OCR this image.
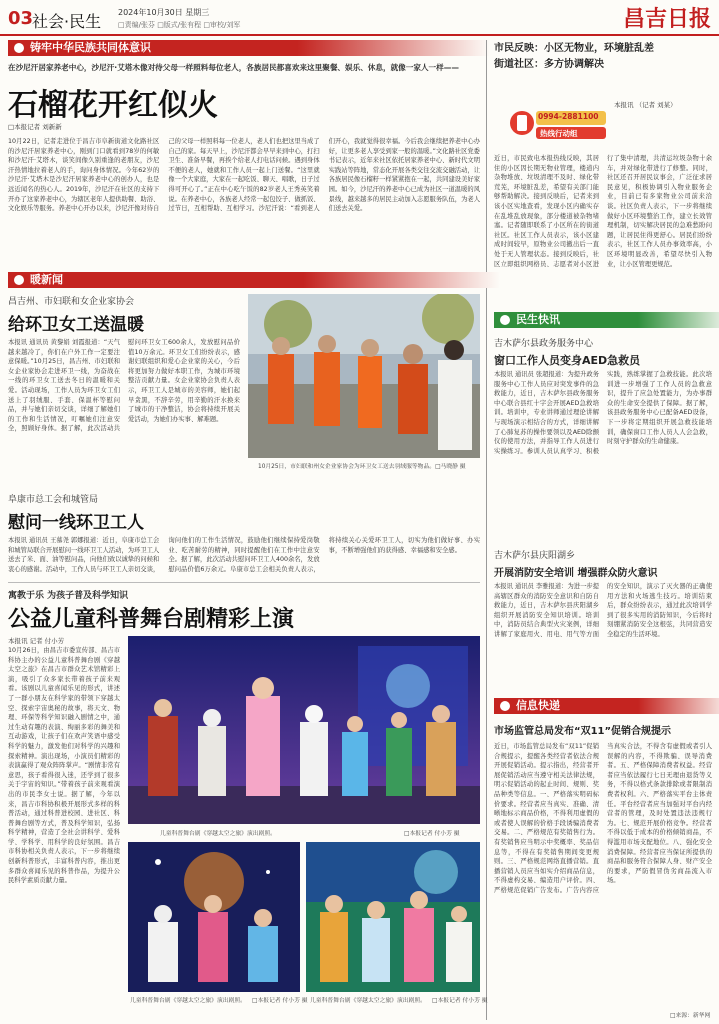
03
社会·民生 2024年10月30日 星期三
□责编/张芬 □版式/张有程 □审校/刘军	昌吉日报
铸牢中华民族共同体意识
在沙尼汗居家养老中心，沙尼汗·艾塔木像对待父母一样照料每位老人，各族居民都喜欢来这里聚餐、娱乐、休息，就像一家人一样——
石榴花开红似火
□本报记者 刘新新
10月22日，记者走进位于昌吉市阜新街道文化路社区的沙尼汗居家养老中心，刚到门口就看到78岁的何敏和沙尼汗·艾塔木，谈笑间像久别重逢的老朋友，沙尼汗热情地拉着老人的手，询问身体情况。今年62岁的沙尼汗·艾塔木是沙尼汗居家养老中心的创办人，也是远近闻名的热心人。2019年，沙尼汗在社区的支持下开办了这家养老中心，为辖区老年人提供助餐、助浴、文化娱乐等服务。养老中心开办以来，沙尼汗像对待自己的父母一样照料每一位老人，老人们也把这里当成了自己的家。每天早上，沙尼汗都会早早来到中心，打扫卫生、准备早餐，再挨个给老人打电话问候。遇到身体不便的老人，她就和工作人员一起上门送餐。“这里就像一个大家庭，大家在一起吃饭、聊天、唱歌，日子过得可开心了。”正在中心吃午饭的82岁老人王秀英笑着说。在养老中心，各族老人经常一起包饺子、做抓饭、过节日，互相帮助、互相学习。沙尼汗说：“看到老人们开心，我就觉得很幸福。今后我会继续把养老中心办好，让更多老人享受到家一般的温暖。”文化路社区党委书记表示，近年来社区依托居家养老中心、新时代文明实践站等阵地，常态化开展各类交往交流交融活动，让各族居民像石榴籽一样紧紧抱在一起，共同建设美好家园。如今，沙尼汗的养老中心已成为社区一道温暖的风景线，越来越多的居民主动加入志愿服务队伍，为老人们送去关爱。
市民反映：小区无物业，环境脏乱差
街道社区：多方协调解决
0994-2881100
热线行动组
本报讯 （记者 刘某）
近日，市民致电本报热线反映，其居住的小区因长期无物业管理，楼道内杂物堆放、垃圾清理不及时、绿化带荒芜，环境脏乱差，希望有关部门能够帮助解决。接到反映后，记者来到该小区实地查看，发现小区内确实存在乱堆乱放现象，部分楼道被杂物堵塞。记者随即联系了小区所在的街道社区。社区工作人员表示，该小区建成时间较早，原物业公司撤出后一直处于无人管理状态。接到反映后，社区立即组织网格员、志愿者对小区进行了集中清理，共清运垃圾杂物十余车，并对绿化带进行了修整。同时，社区还召开居民议事会，广泛征求居民意见，积极协调引入物业服务企业，目前已有多家物业公司前来洽谈。社区负责人表示，下一步将继续做好小区环境整治工作，建立长效管理机制，切实解决居民的急难愁盼问题，让居民住得更舒心。居民们纷纷表示，社区工作人员办事效率高，小区环境明显改善，希望尽快引入物业，让小区管理更规范。
暖新闻
昌吉州、市妇联和女企业家协会
给环卫女工送温暖
本报讯 通讯员 黄黎娟 刘霞报道：“天气越来越冷了，你们在户外工作一定要注意保暖。”10月25日，昌吉州、市妇联和女企业家协会走进环卫一线，为奋战在一线的环卫女工送去冬日的温暖和关爱。活动现场，工作人员为环卫女工们送上了羽绒服、手套、保温杯等慰问品，并与她们亲切交谈，详细了解她们的工作和生活情况，叮嘱她们注意安全，照顾好身体。据了解，此次活动共慰问环卫女工600余人，发放慰问品价值10万余元。环卫女工们纷纷表示，感谢妇联组织和爱心企业家的关心，今后将更加努力做好本职工作，为城市环境整洁贡献力量。女企业家协会负责人表示，环卫工人是城市的美容师，她们起早贪黑，不辞辛劳，用辛勤的汗水换来了城市的干净整洁，协会将持续开展关爱活动，为她们办实事、解难题。
10月25日，市妇联和州女企业家协会为环卫女工送去羽绒服等物品。□马晓静 摄
阜康市总工会和城管局
慰问一线环卫工人
本报讯 通讯员 王慕尧 郭娜报道：近日，阜康市总工会和城管局联合开展慰问一线环卫工人活动，为环卫工人送去了米、面、油等慰问品，向他们致以诚挚的问候和衷心的感谢。活动中，工作人员与环卫工人亲切交谈，询问他们的工作生活情况，鼓励他们继续保持爱岗敬业、吃苦耐劳的精神，同时提醒他们在工作中注意安全。据了解，此次活动共慰问环卫工人400余名，发放慰问品价值6万余元。阜康市总工会相关负责人表示，将持续关心关爱环卫工人，切实为他们做好事、办实事，不断增强他们的获得感、幸福感和安全感。
寓教于乐 为孩子普及科学知识
公益儿童科普舞台剧精彩上演
本报讯 记者 付小芳
10月26日，由昌吉市委宣传部、昌吉市科协主办的公益儿童科普舞台剧《穿越太空之旅》在昌吉市群众艺术馆精彩上演，吸引了众多家长带着孩子前来观看。该剧以儿童喜闻乐见的形式，讲述了一群小朋友在科学家的带领下穿越太空、探索宇宙奥秘的故事，将天文、物理、环保等科学知识融入剧情之中，通过生动有趣的表演、绚丽多彩的舞美和互动游戏，让孩子们在欢声笑语中感受科学的魅力，激发他们对科学的兴趣和探索精神。演出现场，小演员们精彩的表演赢得了观众阵阵掌声。“剧情非常有意思，孩子看得很入迷，还学到了很多关于宇宙的知识。”带着孩子前来观看演出的市民李女士说。据了解，今年以来，昌吉市科协积极开展形式多样的科普活动，通过科普进校园、进社区、科普舞台剧等方式，普及科学知识，弘扬科学精神，营造了全社会讲科学、爱科学、学科学、用科学的良好氛围。昌吉市科协相关负责人表示，下一步将继续创新科普形式，丰富科普内容，推出更多群众喜闻乐见的科普作品，为提升公民科学素质贡献力量。
儿童科普舞台剧《穿越太空之旅》演出剧照。	□本报记者 付小芳 摄
儿童科普舞台剧《穿越太空之旅》演出剧照。	□本报记者 付小芳 摄 儿童科普舞台剧《穿越太空之旅》演出剧照。	□本报记者 付小芳 摄
民生快讯
吉木萨尔县政务服务中心
窗口工作人员变身AED急救员
本报讯 通讯员 张超报道：为提升政务服务中心工作人员应对突发事件的急救能力，近日，吉木萨尔县政务服务中心联合县红十字会开展AED急救培训。培训中，专业讲师通过理论讲解与现场演示相结合的方式，详细讲解了心肺复苏的操作要领以及AED除颤仪的使用方法，并指导工作人员进行实操练习。参训人员认真学习、积极实践，熟练掌握了急救技能。此次培训进一步增强了工作人员的急救意识，提升了应急处置能力，为办事群众的生命安全提供了保障。据了解，该县政务服务中心已配备AED设备，下一步将定期组织开展急救技能培训，确保窗口工作人员人人会急救，时刻守护群众的生命健康。
吉木萨尔县庆阳湖乡
开展消防安全培训 增强群众防火意识
本报讯 通讯员 李雅报道：为进一步提高辖区群众的消防安全意识和自防自救能力，近日，吉木萨尔县庆阳湖乡组织开展消防安全知识培训。培训中，消防员结合典型火灾案例，详细讲解了家庭用火、用电、用气等方面的安全知识，演示了灭火器的正确使用方法和火场逃生技巧。培训结束后，群众纷纷表示，通过此次培训学到了很多实用的消防知识，今后将时刻绷紧消防安全这根弦，共同营造安全稳定的生活环境。
信息快递
市场监管总局发布“双11”促销合规提示
近日，市场监管总局发布“双11”促销合规提示，提醒各类经营者依法合规开展促销活动。提示指出，经营者开展促销活动应当遵守相关法律法规，明示促销活动的起止时间、规则、奖品种类等信息。一、严格落实明码标价要求。经营者应当真实、准确、清晰地标示商品价格，不得利用虚假的或者使人误解的价格手段诱骗消费者交易。二、严格规范有奖销售行为。有奖销售应当明示中奖概率、奖品信息等，不得在有奖销售期间变更规则。三、严格规范网络直播营销。直播营销人员应当如实介绍商品信息，不得虚构交易、编造用户评价。四、严格规范促销广告发布。广告内容应当真实合法，不得含有虚假或者引人误解的内容，不得欺骗、误导消费者。五、严格保障消费者权益。经营者应当依法履行七日无理由退货等义务，不得以格式条款排除或者限制消费者权利。六、严格落实平台主体责任。平台经营者应当加强对平台内经营者的管理，及时处置违法违规行为。七、规范开展价格竞争。经营者不得以低于成本的价格倾销商品，不得滥用市场支配地位。八、强化安全消费保障。经营者应当保证所提供的商品和服务符合保障人身、财产安全的要求，严防假冒伪劣商品流入市场。
□来源：新华网
